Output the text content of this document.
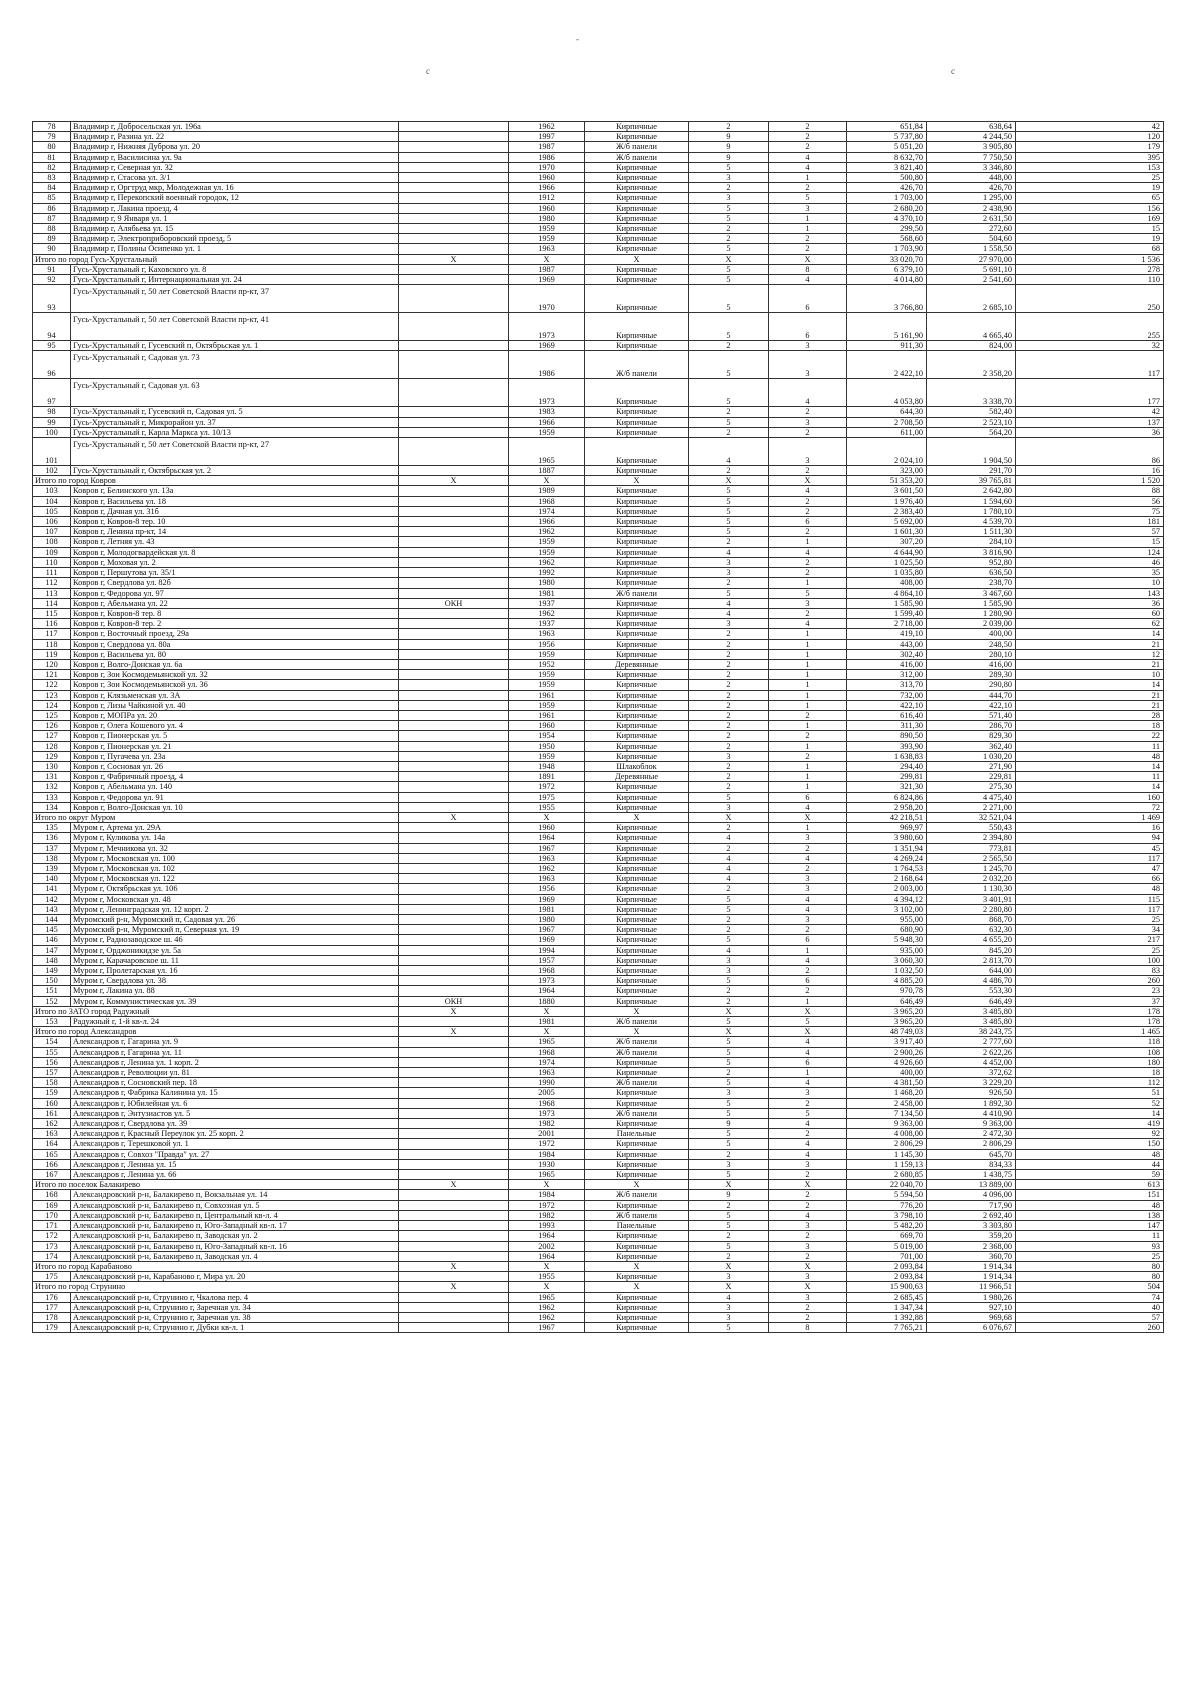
-
c	c
78	Владимир г, Добросельская ул. 196а		1962	Кирпичные	2	2	651,84	638,64	42
79	Владимир г, Разина ул. 22		1997	Кирпичные	9	2	5 737,80	4 244,50	120
80	Владимир г, Нижняя Дуброва ул. 20		1987	Ж/б панели	9	2	5 051,20	3 905,80	179
81	Владимир г, Василисина ул. 9а		1986	Ж/б панели	9	4	8 632,70	7 750,50	395
82	Владимир г, Северная ул. 32		1970	Кирпичные	5	4	3 821,40	3 346,80	153
83	Владимир г, Стасова ул. 3/1		1960	Кирпичные	3	1	500,80	448,00	25
84	Владимир г, Оргтруд мкр, Молодежная ул. 16		1966	Кирпичные	2	2	426,70	426,70	19
85	Владимир г, Перекопский военный городок, 12		1912	Кирпичные	3	5	1 703,00	1 295,00	65
86	Владимир г, Лакина проезд, 4		1960	Кирпичные	5	3	2 680,20	2 438,90	156
87	Владимир г, 9 Января ул. 1		1980	Кирпичные	5	1	4 370,10	2 631,50	169
88	Владимир г, Алябьева ул. 15		1959	Кирпичные	2	1	299,50	272,60	15
89	Владимир г, Электроприборовский проезд, 5		1959	Кирпичные	2	2	568,60	504,60	19
90	Владимир г, Полины Осипенко ул. 1		1963	Кирпичные	5	2	1 703,90	1 558,50	68
Итого по город Гусь-Хрустальный		X	X	X	X	X	33 020,70	27 970,00	1 536
91	Гусь-Хрустальный г, Каховского ул. 8		1987	Кирпичные	5	8	6 379,10	5 691,10	278
92	Гусь-Хрустальный г, Интернациональная ул. 24		1969	Кирпичные	5	4	4 014,80	2 541,60	110
93	Гусь-Хрустальный г, 50 лет Советской Власти пр-кт, 37		1970	Кирпичные	5	6	3 766,80	2 685,10	250
94	Гусь-Хрустальный г, 50 лет Советской Власти пр-кт, 41		1973	Кирпичные	5	6	5 161,90	4 665,40	255
95	Гусь-Хрустальный г, Гусевский п, Октябрьская ул. 1		1969	Кирпичные	2	3	911,30	824,00	32
96	Гусь-Хрустальный г, Садовая ул. 73		1986	Ж/б панели	5	3	2 422,10	2 358,20	117
97	Гусь-Хрустальный г, Садовая ул. 63		1973	Кирпичные	5	4	4 053,80	3 338,70	177
98	Гусь-Хрустальный г, Гусевский п, Садовая ул. 5		1983	Кирпичные	2	2	644,30	582,40	42
99	Гусь-Хрустальный г, Микрорайон ул. 37		1966	Кирпичные	5	3	2 708,50	2 523,10	137
100	Гусь-Хрустальный г, Карла Маркса ул. 10/13		1959	Кирпичные	2	2	611,00	564,20	36
101	Гусь-Хрустальный г, 50 лет Советской Власти пр-кт, 27		1965	Кирпичные	4	3	2 024,10	1 904,50	86
102	Гусь-Хрустальный г, Октябрьская ул. 2		1887	Кирпичные	2	2	323,00	291,70	16
Итого по город Ковров		X	X	X	X	X	51 353,20	39 765,81	1 520
103	Ковров г, Белинского ул. 13а		1989	Кирпичные	5	4	3 601,50	2 642,80	88
104	Ковров г, Васильева ул. 18		1968	Кирпичные	5	2	1 976,40	1 594,60	56
105	Ковров г, Дачная ул. 31б		1974	Кирпичные	5	2	2 383,40	1 780,10	75
106	Ковров г, Ковров-8 тер. 10		1966	Кирпичные	5	6	5 692,00	4 539,70	181
107	Ковров г, Ленина пр-кт, 14		1962	Кирпичные	5	2	1 601,30	1 511,30	57
108	Ковров г, Летняя ул. 43		1959	Кирпичные	2	1	307,20	284,10	15
109	Ковров г, Молодогвардейская ул. 8		1959	Кирпичные	4	4	4 644,90	3 816,90	124
110	Ковров г, Моховая ул. 2		1962	Кирпичные	3	2	1 025,50	952,80	46
111	Ковров г, Першутова ул. 35/1		1992	Кирпичные	3	2	1 035,80	636,50	35
112	Ковров г, Свердлова ул. 82б		1980	Кирпичные	2	1	408,00	238,70	10
113	Ковров г, Федорова ул. 97		1981	Ж/б панели	5	5	4 864,10	3 467,60	143
114	Ковров г, Абельмана ул. 22	ОКН	1937	Кирпичные	4	3	1 585,90	1 585,90	36
115	Ковров г, Ковров-8 тер. 8		1962	Кирпичные	4	2	1 599,40	1 280,90	60
116	Ковров г, Ковров-8 тер. 2		1937	Кирпичные	3	4	2 718,00	2 039,00	62
117	Ковров г, Восточный проезд, 29а		1963	Кирпичные	2	1	419,10	400,00	14
118	Ковров г, Свердлова ул. 80а		1956	Кирпичные	2	1	443,00	248,50	21
119	Ковров г, Васильева ул. 80		1959	Кирпичные	2	1	302,40	280,10	12
120	Ковров г, Волго-Донская ул. 6а		1952	Деревянные	2	1	416,00	416,00	21
121	Ковров г, Зои Космодемьянской ул. 32		1959	Кирпичные	2	1	312,00	289,30	10
122	Ковров г, Зои Космодемьянской ул. 36		1959	Кирпичные	2	1	313,70	290,80	14
123	Ковров г, Клязьменская ул. 3А		1961	Кирпичные	2	1	732,00	444,70	21
124	Ковров г, Лизы Чайкиной ул. 40		1959	Кирпичные	2	1	422,10	422,10	21
125	Ковров г, МОПРа ул. 20		1961	Кирпичные	2	2	616,40	571,40	28
126	Ковров г, Олега Кошевого ул. 4		1960	Кирпичные	2	1	311,30	286,70	18
127	Ковров г, Пионерская ул. 5		1954	Кирпичные	2	2	890,50	829,30	22
128	Ковров г, Пионерская ул. 21		1950	Кирпичные	2	1	393,90	362,40	11
129	Ковров г, Пугачева ул. 23а		1959	Кирпичные	3	2	1 638,83	1 030,20	48
130	Ковров г, Сосновая ул. 26		1948	Шлакоблок	2	1	294,40	271,90	14
131	Ковров г, Фабричный проезд, 4		1891	Деревянные	2	1	299,81	229,81	11
132	Ковров г, Абельмана ул. 140		1972	Кирпичные	2	1	321,30	275,30	14
133	Ковров г, Федорова ул. 91		1975	Кирпичные	5	6	6 824,86	4 475,40	160
134	Ковров г, Волго-Донская ул. 10		1955	Кирпичные	3	4	2 958,20	2 271,00	72
Итого по округ Муром		X	X	X	X	X	42 218,51	32 521,04	1 469
135	Муром г, Артема ул. 29А		1960	Кирпичные	2	1	969,97	550,43	16
136	Муром г, Куликова ул. 14а		1964	Кирпичные	4	3	3 980,60	2 394,80	94
137	Муром г, Мечникова ул. 32		1967	Кирпичные	2	2	1 351,94	773,81	45
138	Муром г, Московская ул. 100		1963	Кирпичные	4	4	4 269,24	2 565,50	117
139	Муром г, Московская ул. 102		1962	Кирпичные	4	2	1 764,53	1 245,70	47
140	Муром г, Московская ул. 122		1963	Кирпичные	4	3	2 168,64	2 032,20	66
141	Муром г, Октябрьская ул. 106		1956	Кирпичные	2	3	2 003,00	1 130,30	48
142	Муром г, Московская ул. 48		1969	Кирпичные	5	4	4 394,12	3 401,91	115
143	Муром г, Ленинградская ул. 12 корп. 2		1981	Кирпичные	5	4	3 102,00	2 280,80	117
144	Муромский р-н, Муромский п, Садовая ул. 26		1980	Кирпичные	2	3	955,00	868,70	25
145	Муромский р-н, Муромский п, Северная ул. 19		1967	Кирпичные	2	2	680,90	632,30	34
146	Муром г, Радиозаводское ш. 46		1969	Кирпичные	5	6	5 948,30	4 655,20	217
147	Муром г, Орджоникидзе ул. 5а		1994	Кирпичные	4	1	935,00	845,20	25
148	Муром г, Карачаровское ш. 11		1957	Кирпичные	3	4	3 060,30	2 813,70	100
149	Муром г, Пролетарская ул. 16		1968	Кирпичные	3	2	1 032,50	644,00	83
150	Муром г, Свердлова ул. 38		1973	Кирпичные	5	6	4 885,20	4 486,70	260
151	Муром г, Лакина ул. 88		1964	Кирпичные	2	2	970,78	553,30	23
152	Муром г, Коммунистическая ул. 39	ОКН	1880	Кирпичные	2	1	646,49	646,49	37
Итого по ЗАТО город Радужный		X	X	X	X	X	3 965,20	3 485,80	178
153	Радужный г, 1-й кв-л. 24		1981	Ж/б панели	5	5	3 965,20	3 485,80	178
Итого по город Александров		X	X	X	X	X	48 749,03	38 243,75	1 465
154	Александров г, Гагарина ул. 9		1965	Ж/б панели	5	4	3 917,40	2 777,60	118
155	Александров г, Гагарина ул. 11		1968	Ж/б панели	5	4	2 900,26	2 622,26	108
156	Александров г, Ленина ул. 1 корп. 2		1974	Кирпичные	5	6	4 926,60	4 452,00	180
157	Александров г, Революции ул. 81		1963	Кирпичные	2	1	400,00	372,62	18
158	Александров г, Сосновский пер. 18		1990	Ж/б панели	5	4	4 381,50	3 229,20	112
159	Александров г, Фабрика Калинина ул. 15		2005	Кирпичные	3	3	1 468,20	926,50	51
160	Александров г, Юбилейная ул. 6		1968	Кирпичные	5	2	2 458,00	1 892,30	52
161	Александров г, Энтузиастов ул. 5		1973	Ж/б панели	5	5	7 134,50	4 410,90	14
162	Александров г, Свердлова ул. 39		1982	Кирпичные	9	4	9 363,00	9 363,00	419
163	Александров г, Красный Переулок ул. 25 корп. 2		2001	Панельные	5	2	4 008,00	2 472,30	92
164	Александров г, Терешковой ул. 1		1972	Кирпичные	5	4	2 806,29	2 806,29	150
165	Александров г, Совхоз "Правда" ул. 27		1984	Кирпичные	2	4	1 145,30	645,70	48
166	Александров г, Ленина ул. 15		1930	Кирпичные	3	3	1 159,13	834,33	44
167	Александров г, Ленина ул. 66		1965	Кирпичные	5	2	2 680,85	1 438,75	59
Итого по поселок Балакирево		X	X	X	X	X	22 040,70	13 889,00	613
168	Александровский р-н, Балакирево п, Вокзальная ул. 14		1984	Ж/б панели	9	2	5 594,50	4 096,00	151
169	Александровский р-н, Балакирево п, Совхозная ул. 5		1972	Кирпичные	2	2	776,20	717,90	48
170	Александровский р-н, Балакирево п, Центральный кв-л. 4		1982	Ж/б панели	5	4	3 798,10	2 692,40	138
171	Александровский р-н, Балакирево п, Юго-Западный кв-л. 17		1993	Панельные	5	3	5 482,20	3 303,80	147
172	Александровский р-н, Балакирево п, Заводская ул. 2		1964	Кирпичные	2	2	669,70	359,20	11
173	Александровский р-н, Балакирево п, Юго-Западный кв-л. 16		2002	Кирпичные	5	3	5 019,00	2 368,00	93
174	Александровский р-н, Балакирево п, Заводская ул. 4		1964	Кирпичные	2	2	701,00	360,70	25
Итого по город Карабаново		X	X	X	X	X	2 093,84	1 914,34	80
175	Александровский р-н, Карабаново г, Мира ул. 20		1955	Кирпичные	3	3	2 093,84	1 914,34	80
Итого по город Струнино		X	X	X	X	X	15 900,63	11 966,51	504
176	Александровский р-н, Струнино г, Чкалова пер. 4		1965	Кирпичные	4	3	2 685,45	1 980,26	74
177	Александровский р-н, Струнино г, Заречная ул. 34		1962	Кирпичные	3	2	1 347,34	927,10	40
178	Александровский р-н, Струнино г, Заречная ул. 38		1962	Кирпичные	3	2	1 392,88	969,68	57
179	Александровский р-н, Струнино г, Дубки кв-л. 1		1967	Кирпичные	5	8	7 765,21	6 076,67	260
